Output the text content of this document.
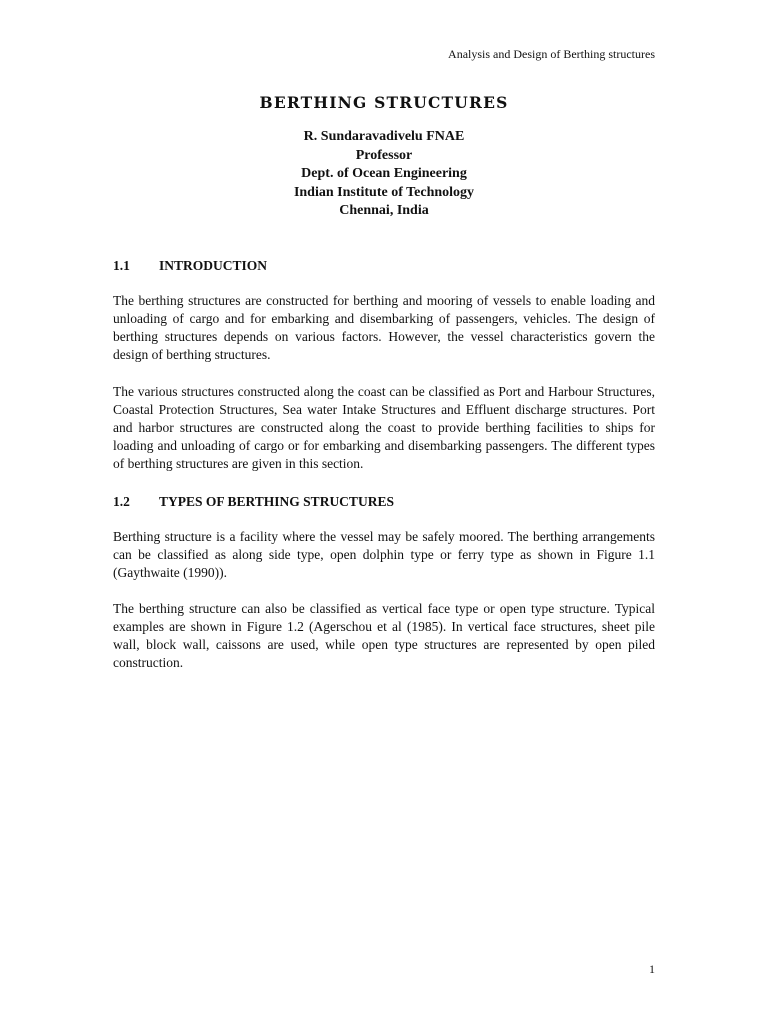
Analysis and Design of Berthing structures
BERTHING STRUCTURES

R. Sundaravadivelu FNAE

Professor

Dept. of Ocean Engineering

Indian Institute of Technology

Chennai, India

1.1 INTRODUCTION

The berthing structures are constructed for berthing and mooring of vessels to enable loading and unloading of cargo and for embarking and disembarking of passengers, vehicles. The design of berthing structures depends on various factors. However, the vessel characteristics govern the design of berthing structures.

The various structures constructed along the coast can be classified as Port and Harbour Structures, Coastal Protection Structures, Sea water Intake Structures and Effluent discharge structures. Port and harbor structures are constructed along the coast to provide berthing facilities to ships for loading and unloading of cargo or for embarking and disembarking passengers. The different types of berthing structures are given in this section.

1.2 TYPES OF BERTHING STRUCTURES

Berthing structure is a facility where the vessel may be safely moored. The berthing arrangements can be classified as along side type, open dolphin type or ferry type as shown in Figure 1.1 (Gaythwaite (1990)).

The berthing structure can also be classified as vertical face type or open type structure. Typical examples are shown in Figure 1.2 (Agerschou et al (1985). In vertical face structures, sheet pile wall, block wall, caissons are used, while open type structures are represented by open piled construction.

1
